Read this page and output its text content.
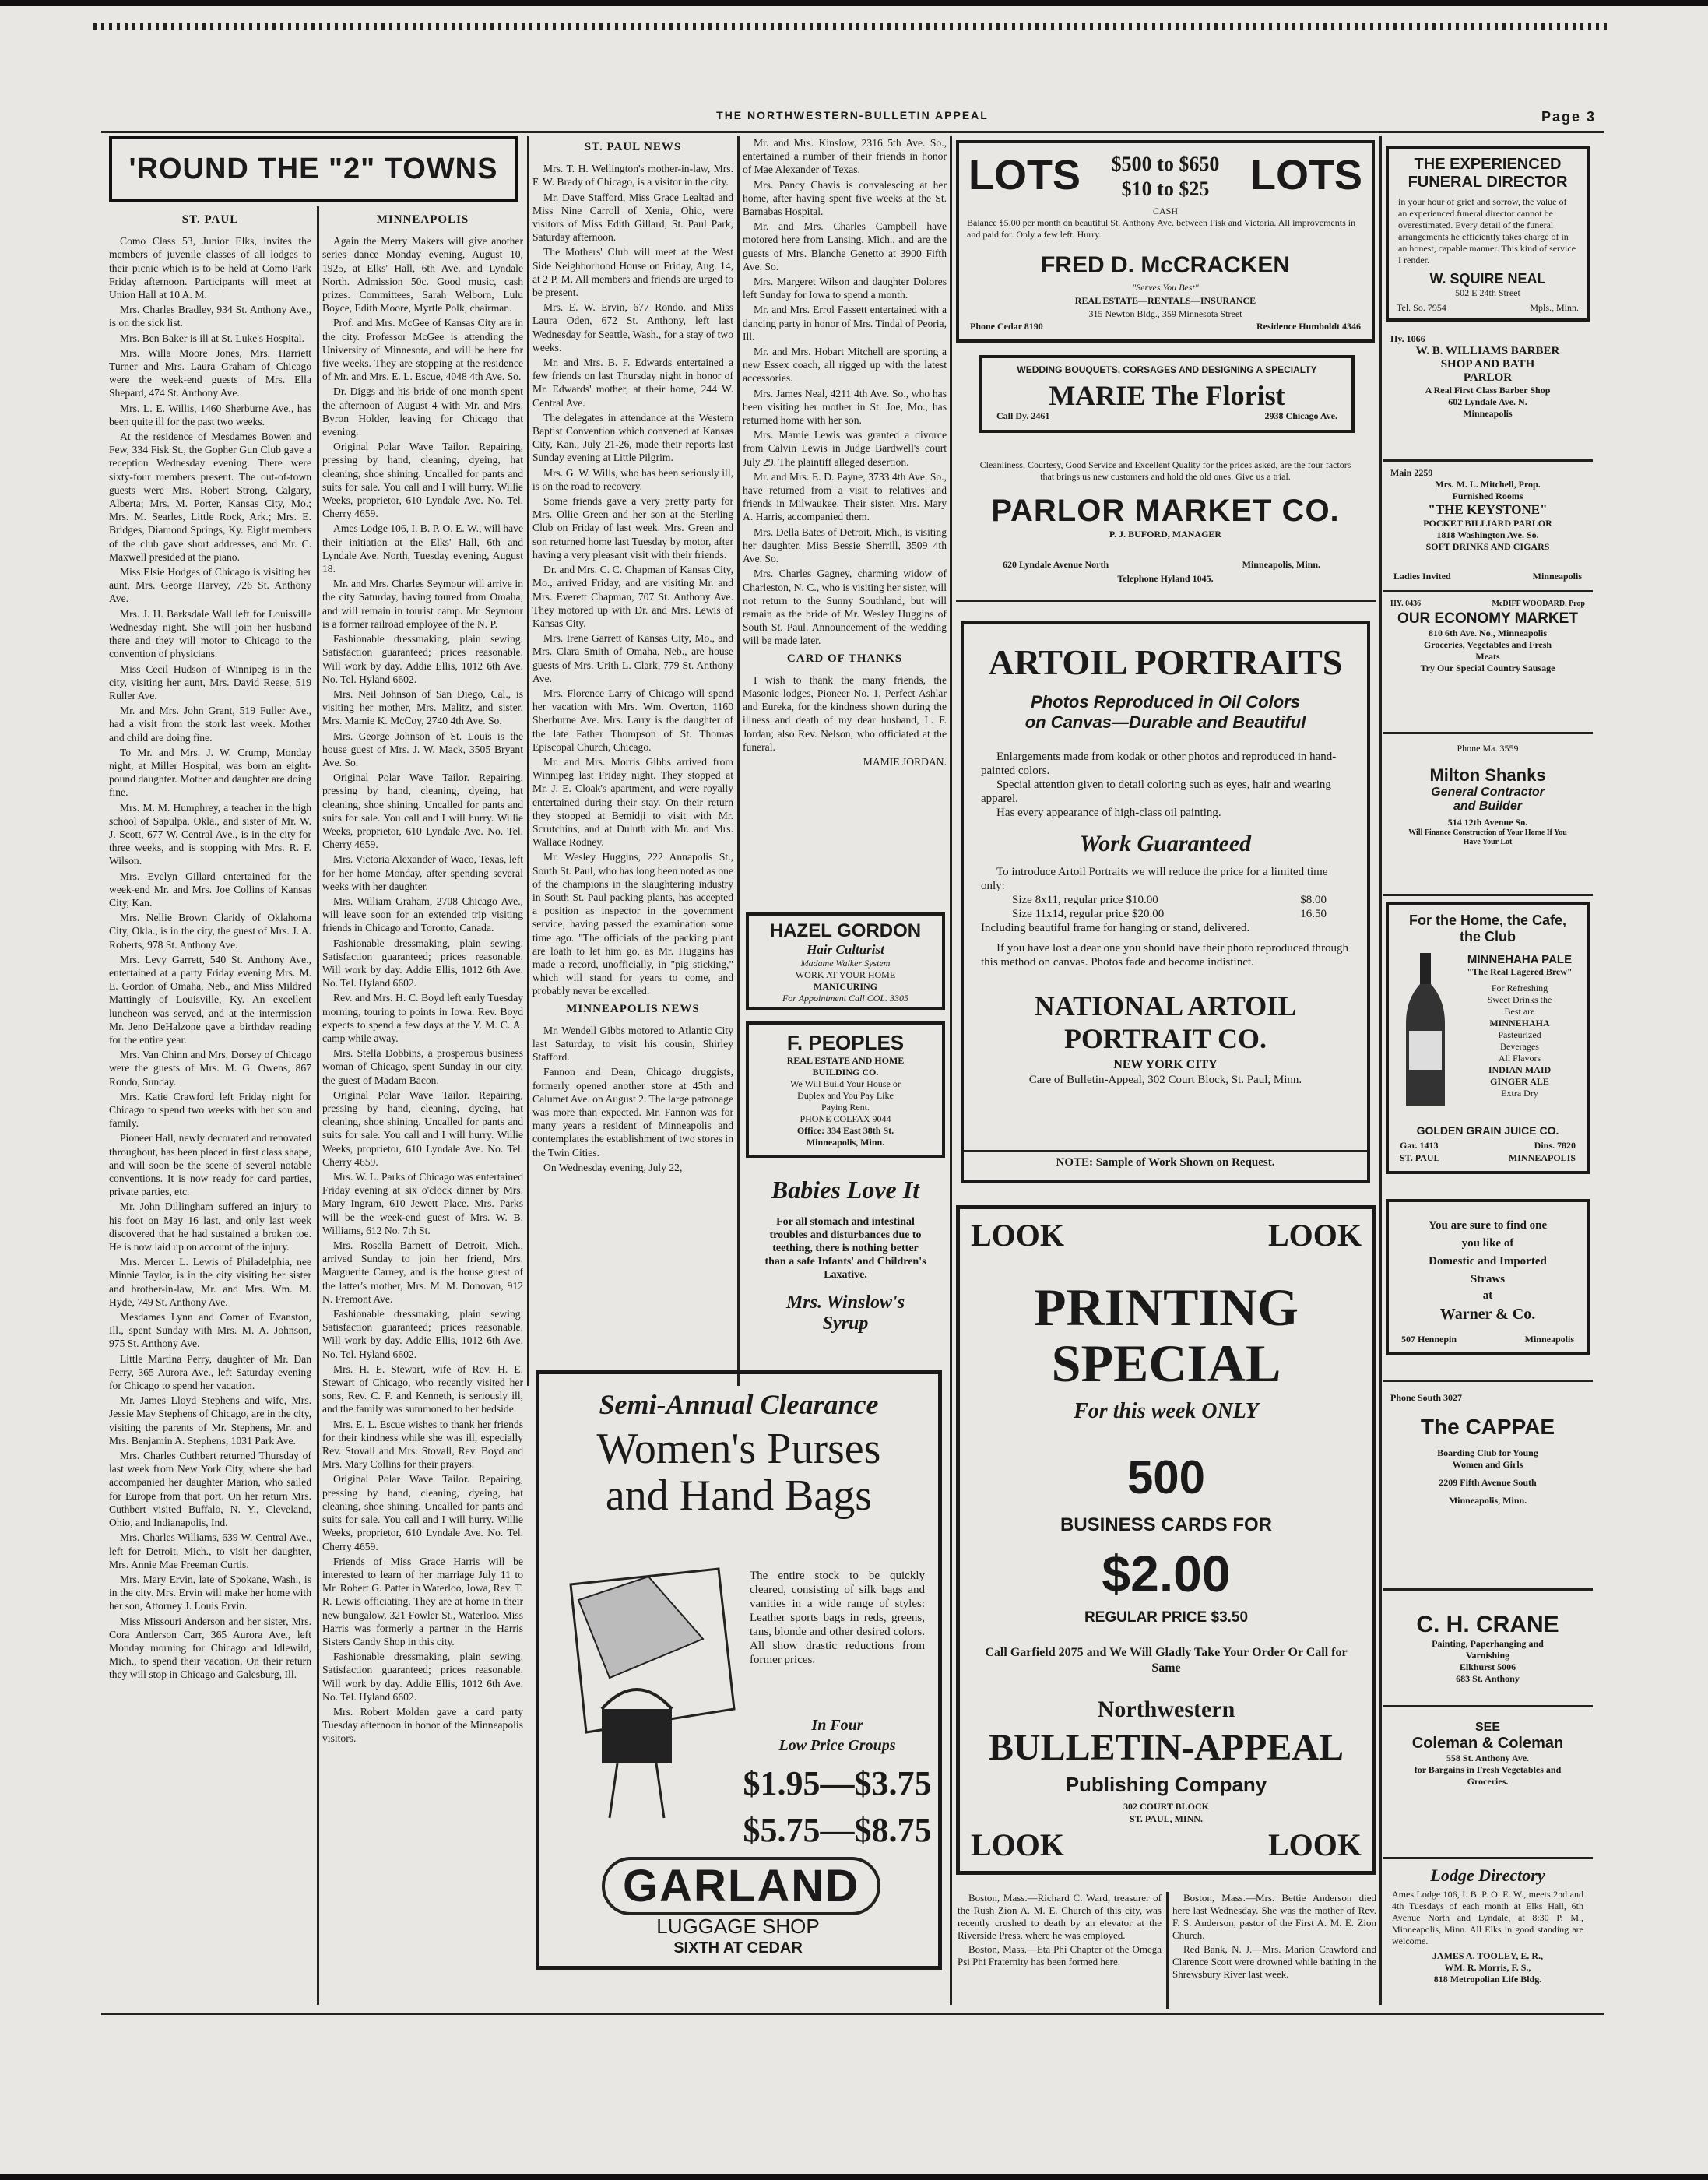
THE NORTHWESTERN-BULLETIN APPEAL	Page 3
'ROUND THE "2" TOWNS

ST. PAUL

Como Class 53, Junior Elks, invites the members of juvenile classes of all lodges to their picnic which is to be held at Como Park Friday afternoon. Participants will meet at Union Hall at 10 A. M.

Mrs. Charles Bradley, 934 St. Anthony Ave., is on the sick list.

Mrs. Ben Baker is ill at St. Luke's Hospital.

Mrs. Willa Moore Jones, Mrs. Harriett Turner and Mrs. Laura Graham of Chicago were the week-end guests of Mrs. Ella Shepard, 474 St. Anthony Ave.

Mrs. L. E. Willis, 1460 Sherburne Ave., has been quite ill for the past two weeks.

At the residence of Mesdames Bowen and Few, 334 Fisk St., the Gopher Gun Club gave a reception Wednesday evening. There were sixty-four members present. The out-of-town guests were Mrs. Robert Strong, Calgary, Alberta; Mrs. M. Porter, Kansas City, Mo.; Mrs. M. Searles, Little Rock, Ark.; Mrs. E. Bridges, Diamond Springs, Ky. Eight members of the club gave short addresses, and Mr. C. Maxwell presided at the piano.

Miss Elsie Hodges of Chicago is visiting her aunt, Mrs. George Harvey, 726 St. Anthony Ave.

Mrs. J. H. Barksdale Wall left for Louisville Wednesday night. She will join her husband there and they will motor to Chicago to the convention of physicians.

Miss Cecil Hudson of Winnipeg is in the city, visiting her aunt, Mrs. David Reese, 519 Ruller Ave.

Mr. and Mrs. John Grant, 519 Fuller Ave., had a visit from the stork last week. Mother and child are doing fine.

To Mr. and Mrs. J. W. Crump, Monday night, at Miller Hospital, was born an eight-pound daughter. Mother and daughter are doing fine.

Mrs. M. M. Humphrey, a teacher in the high school of Sapulpa, Okla., and sister of Mr. W. J. Scott, 677 W. Central Ave., is in the city for three weeks, and is stopping with Mrs. R. F. Wilson.

Mrs. Evelyn Gillard entertained for the week-end Mr. and Mrs. Joe Collins of Kansas City, Kan.

Mrs. Nellie Brown Claridy of Oklahoma City, Okla., is in the city, the guest of Mrs. J. A. Roberts, 978 St. Anthony Ave.

Mrs. Levy Garrett, 540 St. Anthony Ave., entertained at a party Friday evening Mrs. M. E. Gordon of Omaha, Neb., and Miss Mildred Mattingly of Louisville, Ky. An excellent luncheon was served, and at the intermission Mr. Jeno DeHalzone gave a birthday reading for the entire year.

Mrs. Van Chinn and Mrs. Dorsey of Chicago were the guests of Mrs. M. G. Owens, 867 Rondo, Sunday.

Mrs. Katie Crawford left Friday night for Chicago to spend two weeks with her son and family.

Pioneer Hall, newly decorated and renovated throughout, has been placed in first class shape, and will soon be the scene of several notable conventions. It is now ready for card parties, private parties, etc.

Mr. John Dillingham suffered an injury to his foot on May 16 last, and only last week discovered that he had sustained a broken toe. He is now laid up on account of the injury.

Mrs. Mercer L. Lewis of Philadelphia, nee Minnie Taylor, is in the city visiting her sister and brother-in-law, Mr. and Mrs. Wm. M. Hyde, 749 St. Anthony Ave.

Mesdames Lynn and Comer of Evanston, Ill., spent Sunday with Mrs. M. A. Johnson, 975 St. Anthony Ave.

Little Martina Perry, daughter of Mr. Dan Perry, 365 Aurora Ave., left Saturday evening for Chicago to spend her vacation.

Mr. James Lloyd Stephens and wife, Mrs. Jessie May Stephens of Chicago, are in the city, visiting the parents of Mr. Stephens, Mr. and Mrs. Benjamin A. Stephens, 1031 Park Ave.

Mrs. Charles Cuthbert returned Thursday of last week from New York City, where she had accompanied her daughter Marion, who sailed for Europe from that port. On her return Mrs. Cuthbert visited Buffalo, N. Y., Cleveland, Ohio, and Indianapolis, Ind.

Mrs. Charles Williams, 639 W. Central Ave., left for Detroit, Mich., to visit her daughter, Mrs. Annie Mae Freeman Curtis.

Mrs. Mary Ervin, late of Spokane, Wash., is in the city. Mrs. Ervin will make her home with her son, Attorney J. Louis Ervin.

Miss Missouri Anderson and her sister, Mrs. Cora Anderson Carr, 365 Aurora Ave., left Monday morning for Chicago and Idlewild, Mich., to spend their vacation. On their return they will stop in Chicago and Galesburg, Ill.

MINNEAPOLIS

Again the Merry Makers will give another series dance Monday evening, August 10, 1925, at Elks' Hall, 6th Ave. and Lyndale North. Admission 50c. Good music, cash prizes. Committees, Sarah Welborn, Lulu Boyce, Edith Moore, Myrtle Polk, chairman.

Prof. and Mrs. McGee of Kansas City are in the city. Professor McGee is attending the University of Minnesota, and will be here for five weeks. They are stopping at the residence of Mr. and Mrs. E. L. Escue, 4048 4th Ave. So.

Dr. Diggs and his bride of one month spent the afternoon of August 4 with Mr. and Mrs. Byron Holder, leaving for Chicago that evening.

Original Polar Wave Tailor. Repairing, pressing by hand, cleaning, dyeing, hat cleaning, shoe shining. Uncalled for pants and suits for sale. You call and I will hurry. Willie Weeks, proprietor, 610 Lyndale Ave. No. Tel. Cherry 4659.

Ames Lodge 106, I. B. P. O. E. W., will have their initiation at the Elks' Hall, 6th and Lyndale Ave. North, Tuesday evening, August 18.

Mr. and Mrs. Charles Seymour will arrive in the city Saturday, having toured from Omaha, and will remain in tourist camp. Mr. Seymour is a former railroad employee of the N. P.

Fashionable dressmaking, plain sewing. Satisfaction guaranteed; prices reasonable. Will work by day. Addie Ellis, 1012 6th Ave. No. Tel. Hyland 6602.

Mrs. Neil Johnson of San Diego, Cal., is visiting her mother, Mrs. Malitz, and sister, Mrs. Mamie K. McCoy, 2740 4th Ave. So.

Mrs. George Johnson of St. Louis is the house guest of Mrs. J. W. Mack, 3505 Bryant Ave. So.

Original Polar Wave Tailor. Repairing, pressing by hand, cleaning, dyeing, hat cleaning, shoe shining. Uncalled for pants and suits for sale. You call and I will hurry. Willie Weeks, proprietor, 610 Lyndale Ave. No. Tel. Cherry 4659.

Mrs. Victoria Alexander of Waco, Texas, left for her home Monday, after spending several weeks with her daughter.

Mrs. William Graham, 2708 Chicago Ave., will leave soon for an extended trip visiting friends in Chicago and Toronto, Canada.

Fashionable dressmaking, plain sewing. Satisfaction guaranteed; prices reasonable. Will work by day. Addie Ellis, 1012 6th Ave. No. Tel. Hyland 6602.

Rev. and Mrs. H. C. Boyd left early Tuesday morning, touring to points in Iowa. Rev. Boyd expects to spend a few days at the Y. M. C. A. camp while away.

Mrs. Stella Dobbins, a prosperous business woman of Chicago, spent Sunday in our city, the guest of Madam Bacon.

Original Polar Wave Tailor. Repairing, pressing by hand, cleaning, dyeing, hat cleaning, shoe shining. Uncalled for pants and suits for sale. You call and I will hurry. Willie Weeks, proprietor, 610 Lyndale Ave. No. Tel. Cherry 4659.

Mrs. W. L. Parks of Chicago was entertained Friday evening at six o'clock dinner by Mrs. Mary Ingram, 610 Jewett Place. Mrs. Parks will be the week-end guest of Mrs. W. B. Williams, 612 No. 7th St.

Mrs. Rosella Barnett of Detroit, Mich., arrived Sunday to join her friend, Mrs. Marguerite Carney, and is the house guest of the latter's mother, Mrs. M. M. Donovan, 912 N. Fremont Ave.

Fashionable dressmaking, plain sewing. Satisfaction guaranteed; prices reasonable. Will work by day. Addie Ellis, 1012 6th Ave. No. Tel. Hyland 6602.

Mrs. H. E. Stewart, wife of Rev. H. E. Stewart of Chicago, who recently visited her sons, Rev. C. F. and Kenneth, is seriously ill, and the family was summoned to her bedside.

Mrs. E. L. Escue wishes to thank her friends for their kindness while she was ill, especially Rev. Stovall and Mrs. Stovall, Rev. Boyd and Mrs. Mary Collins for their prayers.

Original Polar Wave Tailor. Repairing, pressing by hand, cleaning, dyeing, hat cleaning, shoe shining. Uncalled for pants and suits for sale. You call and I will hurry. Willie Weeks, proprietor, 610 Lyndale Ave. No. Tel. Cherry 4659.

Friends of Miss Grace Harris will be interested to learn of her marriage July 11 to Mr. Robert G. Patter in Waterloo, Iowa, Rev. T. R. Lewis officiating. They are at home in their new bungalow, 321 Fowler St., Waterloo. Miss Harris was formerly a partner in the Harris Sisters Candy Shop in this city.

Fashionable dressmaking, plain sewing. Satisfaction guaranteed; prices reasonable. Will work by day. Addie Ellis, 1012 6th Ave. No. Tel. Hyland 6602.

Mrs. Robert Molden gave a card party Tuesday afternoon in honor of the Minneapolis visitors.

ST. PAUL NEWS

Mrs. T. H. Wellington's mother-in-law, Mrs. F. W. Brady of Chicago, is a visitor in the city.

Mr. Dave Stafford, Miss Grace Lealtad and Miss Nine Carroll of Xenia, Ohio, were visitors of Miss Edith Gillard, St. Paul Park, Saturday afternoon.

The Mothers' Club will meet at the West Side Neighborhood House on Friday, Aug. 14, at 2 P. M. All members and friends are urged to be present.

Mrs. E. W. Ervin, 677 Rondo, and Miss Laura Oden, 672 St. Anthony, left last Wednesday for Seattle, Wash., for a stay of two weeks.

Mr. and Mrs. B. F. Edwards entertained a few friends on last Thursday night in honor of Mr. Edwards' mother, at their home, 244 W. Central Ave.

The delegates in attendance at the Western Baptist Convention which convened at Kansas City, Kan., July 21-26, made their reports last Sunday evening at Little Pilgrim.

Mrs. G. W. Wills, who has been seriously ill, is on the road to recovery.

Some friends gave a very pretty party for Mrs. Ollie Green and her son at the Sterling Club on Friday of last week. Mrs. Green and son returned home last Tuesday by motor, after having a very pleasant visit with their friends.

Dr. and Mrs. C. C. Chapman of Kansas City, Mo., arrived Friday, and are visiting Mr. and Mrs. Everett Chapman, 707 St. Anthony Ave. They motored up with Dr. and Mrs. Lewis of Kansas City.

Mrs. Irene Garrett of Kansas City, Mo., and Mrs. Clara Smith of Omaha, Neb., are house guests of Mrs. Urith L. Clark, 779 St. Anthony Ave.

Mrs. Florence Larry of Chicago will spend her vacation with Mrs. Wm. Overton, 1160 Sherburne Ave. Mrs. Larry is the daughter of the late Father Thompson of St. Thomas Episcopal Church, Chicago.

Mr. and Mrs. Morris Gibbs arrived from Winnipeg last Friday night. They stopped at Mr. J. E. Cloak's apartment, and were royally entertained during their stay. On their return they stopped at Bemidji to visit with Mr. Scrutchins, and at Duluth with Mr. and Mrs. Wallace Rodney.

Mr. Wesley Huggins, 222 Annapolis St., South St. Paul, who has long been noted as one of the champions in the slaughtering industry in South St. Paul packing plants, has accepted a position as inspector in the government service, having passed the examination some time ago. "The officials of the packing plant are loath to let him go, as Mr. Huggins has made a record, unofficially, in "pig sticking," which will stand for years to come, and probably never be excelled.

MINNEAPOLIS NEWS

Mr. Wendell Gibbs motored to Atlantic City last Saturday, to visit his cousin, Shirley Stafford.

Fannon and Dean, Chicago druggists, formerly opened another store at 45th and Calumet Ave. on August 2. The large patronage was more than expected. Mr. Fannon was for many years a resident of Minneapolis and contemplates the establishment of two stores in the Twin Cities.

On Wednesday evening, July 22,

Mr. and Mrs. Kinslow, 2316 5th Ave. So., entertained a number of their friends in honor of Mae Alexander of Texas.

Mrs. Pancy Chavis is convalescing at her home, after having spent five weeks at the St. Barnabas Hospital.

Mr. and Mrs. Charles Campbell have motored here from Lansing, Mich., and are the guests of Mrs. Blanche Genetto at 3900 Fifth Ave. So.

Mrs. Margeret Wilson and daughter Dolores left Sunday for Iowa to spend a month.

Mr. and Mrs. Errol Fassett entertained with a dancing party in honor of Mrs. Tindal of Peoria, Ill.

Mr. and Mrs. Hobart Mitchell are sporting a new Essex coach, all rigged up with the latest accessories.

Mrs. James Neal, 4211 4th Ave. So., who has been visiting her mother in St. Joe, Mo., has returned home with her son.

Mrs. Mamie Lewis was granted a divorce from Calvin Lewis in Judge Bardwell's court July 29. The plaintiff alleged desertion.

Mr. and Mrs. E. D. Payne, 3733 4th Ave. So., have returned from a visit to relatives and friends in Milwaukee. Their sister, Mrs. Mary A. Harris, accompanied them.

Mrs. Della Bates of Detroit, Mich., is visiting her daughter, Miss Bessie Sherrill, 3509 4th Ave. So.

Mrs. Charles Gagney, charming widow of Charleston, N. C., who is visiting her sister, will not return to the Sunny Southland, but will remain as the bride of Mr. Wesley Huggins of South St. Paul. Announcement of the wedding will be made later.

CARD OF THANKS

I wish to thank the many friends, the Masonic lodges, Pioneer No. 1, Perfect Ashlar and Eureka, for the kindness shown during the illness and death of my dear husband, L. F. Jordan; also Rev. Nelson, who officiated at the funeral.

MAMIE JORDAN.

HAZEL GORDON
Hair Culturist
Madame Walker System
WORK AT YOUR HOME
MANICURING
For Appointment Call COL. 3305
F. PEOPLES
REAL ESTATE AND HOME
BUILDING CO.
We Will Build Your House or
Duplex and You Pay Like
Paying Rent.
PHONE COLFAX 9044
Office: 334 East 38th St.
Minneapolis, Minn.
Babies Love It
For all stomach and intestinal troubles and disturbances due to teething, there is nothing better than a safe Infants' and Children's Laxative.
Mrs. Winslow's
Syrup
Semi-Annual Clearance
Women's Purses
and Hand Bags
The entire stock to be quickly cleared, consisting of silk bags and vanities in a wide range of styles: Leather sports bags in reds, greens, tans, blonde and other desired colors. All show drastic reductions from former prices.
In Four
Low Price Groups
$1.95—$3.75
$5.75—$8.75
GARLAND
LUGGAGE SHOP
SIXTH AT CEDAR
LOTS	LOTS
$500 to $650
$10 to $25
CASH
Balance $5.00 per month on beautiful St. Anthony Ave. between Fisk and Victoria. All improvements in and paid for. Only a few left. Hurry.
FRED D. McCRACKEN
"Serves You Best"
REAL ESTATE—RENTALS—INSURANCE
315 Newton Bldg., 359 Minnesota Street
Phone Cedar 8190	Residence Humboldt 4346
WEDDING BOUQUETS, CORSAGES AND DESIGNING A SPECIALTY
MARIE The Florist
Call Dy. 2461	2938 Chicago Ave.
Cleanliness, Courtesy, Good Service and Excellent Quality for the prices asked, are the four factors that brings us new customers and hold the old ones. Give us a trial.
PARLOR MARKET CO.
P. J. BUFORD, MANAGER
620 Lyndale Avenue North	Minneapolis, Minn.
Telephone Hyland 1045.
ARTOIL PORTRAITS
Photos Reproduced in Oil Colors
on Canvas—Durable and Beautiful
Enlargements made from kodak or other photos and reproduced in hand-painted colors.
Special attention given to detail coloring such as eyes, hair and wearing apparel.
Has every appearance of high-class oil painting.
Work Guaranteed
To introduce Artoil Portraits we will reduce the price for a limited time only:
Size 8x11, regular price $10.00	$8.00
Size 11x14, regular price $20.00	16.50
Including beautiful frame for hanging or stand, delivered.
If you have lost a dear one you should have their photo reproduced through this method on canvas. Photos fade and become indistinct.
NATIONAL ARTOIL
PORTRAIT CO.
NEW YORK CITY
Care of Bulletin-Appeal, 302 Court Block, St. Paul, Minn.
NOTE: Sample of Work Shown on Request.
LOOK	LOOK
PRINTING
SPECIAL
For this week ONLY
500
BUSINESS CARDS FOR
$2.00
REGULAR PRICE $3.50
Call Garfield 2075 and We Will Gladly Take Your Order Or Call for Same
Northwestern
BULLETIN-APPEAL
Publishing Company
302 COURT BLOCK
ST. PAUL, MINN.
LOOK	LOOK

Boston, Mass.—Richard C. Ward, treasurer of the Rush Zion A. M. E. Church of this city, was recently crushed to death by an elevator at the Riverside Press, where he was employed.

Boston, Mass.—Eta Phi Chapter of the Omega Psi Phi Fraternity has been formed here.

Boston, Mass.—Mrs. Bettie Anderson died here last Wednesday. She was the mother of Rev. F. S. Anderson, pastor of the First A. M. E. Zion Church.

Red Bank, N. J.—Mrs. Marion Crawford and Clarence Scott were drowned while bathing in the Shrewsbury River last week.

THE EXPERIENCED
FUNERAL DIRECTOR
in your hour of grief and sorrow, the value of an experienced funeral director cannot be overestimated. Every detail of the funeral arrangements he efficiently takes charge of in an honest, capable manner. This kind of service I render.
W. SQUIRE NEAL
502 E 24th Street
Tel. So. 7954	Mpls., Minn.
Hy. 1066
W. B. WILLIAMS BARBER
SHOP AND BATH
PARLOR
A Real First Class Barber Shop
602 Lyndale Ave. N.
Minneapolis
Main 2259
Mrs. M. L. Mitchell, Prop.
Furnished Rooms
"THE KEYSTONE"
POCKET BILLIARD PARLOR
1818 Washington Ave. So.
SOFT DRINKS AND CIGARS
Ladies Invited	Minneapolis
HY. 0436	McDIFF WOODARD, Prop
OUR ECONOMY MARKET
810 6th Ave. No., Minneapolis
Groceries, Vegetables and Fresh Meats
Try Our Special Country Sausage
Phone Ma. 3559
Milton Shanks
General Contractor
and Builder
514 12th Avenue So.
Will Finance Construction of Your Home If You Have Your Lot
For the Home, the Cafe, the Club
MINNEHAHA PALE
"The Real Lagered Brew"
For Refreshing
Sweet Drinks the
Best are
MINNEHAHA
Pasteurized
Beverages
All Flavors
INDIAN MAID
GINGER ALE
Extra Dry
GOLDEN GRAIN JUICE CO.
Gar. 1413	Dins. 7820
ST. PAUL	MINNEAPOLIS
You are sure to find one
you like of
Domestic and Imported
Straws
at
Warner & Co.
507 Hennepin	Minneapolis
Phone South 3027
The CAPPAE
Boarding Club for Young
Women and Girls
2209 Fifth Avenue South
Minneapolis, Minn.
C. H. CRANE
Painting, Paperhanging and
Varnishing
Elkhurst 5006
683 St. Anthony
SEE
Coleman & Coleman
558 St. Anthony Ave.
for Bargains in Fresh Vegetables and Groceries.
Lodge Directory
Ames Lodge 106, I. B. P. O. E. W., meets 2nd and 4th Tuesdays of each month at Elks Hall, 6th Avenue North and Lyndale, at 8:30 P. M., Minneapolis, Minn. All Elks in good standing are welcome.
JAMES A. TOOLEY, E. R.,
WM. R. Morris, F. S.,
818 Metropolian Life Bldg.
